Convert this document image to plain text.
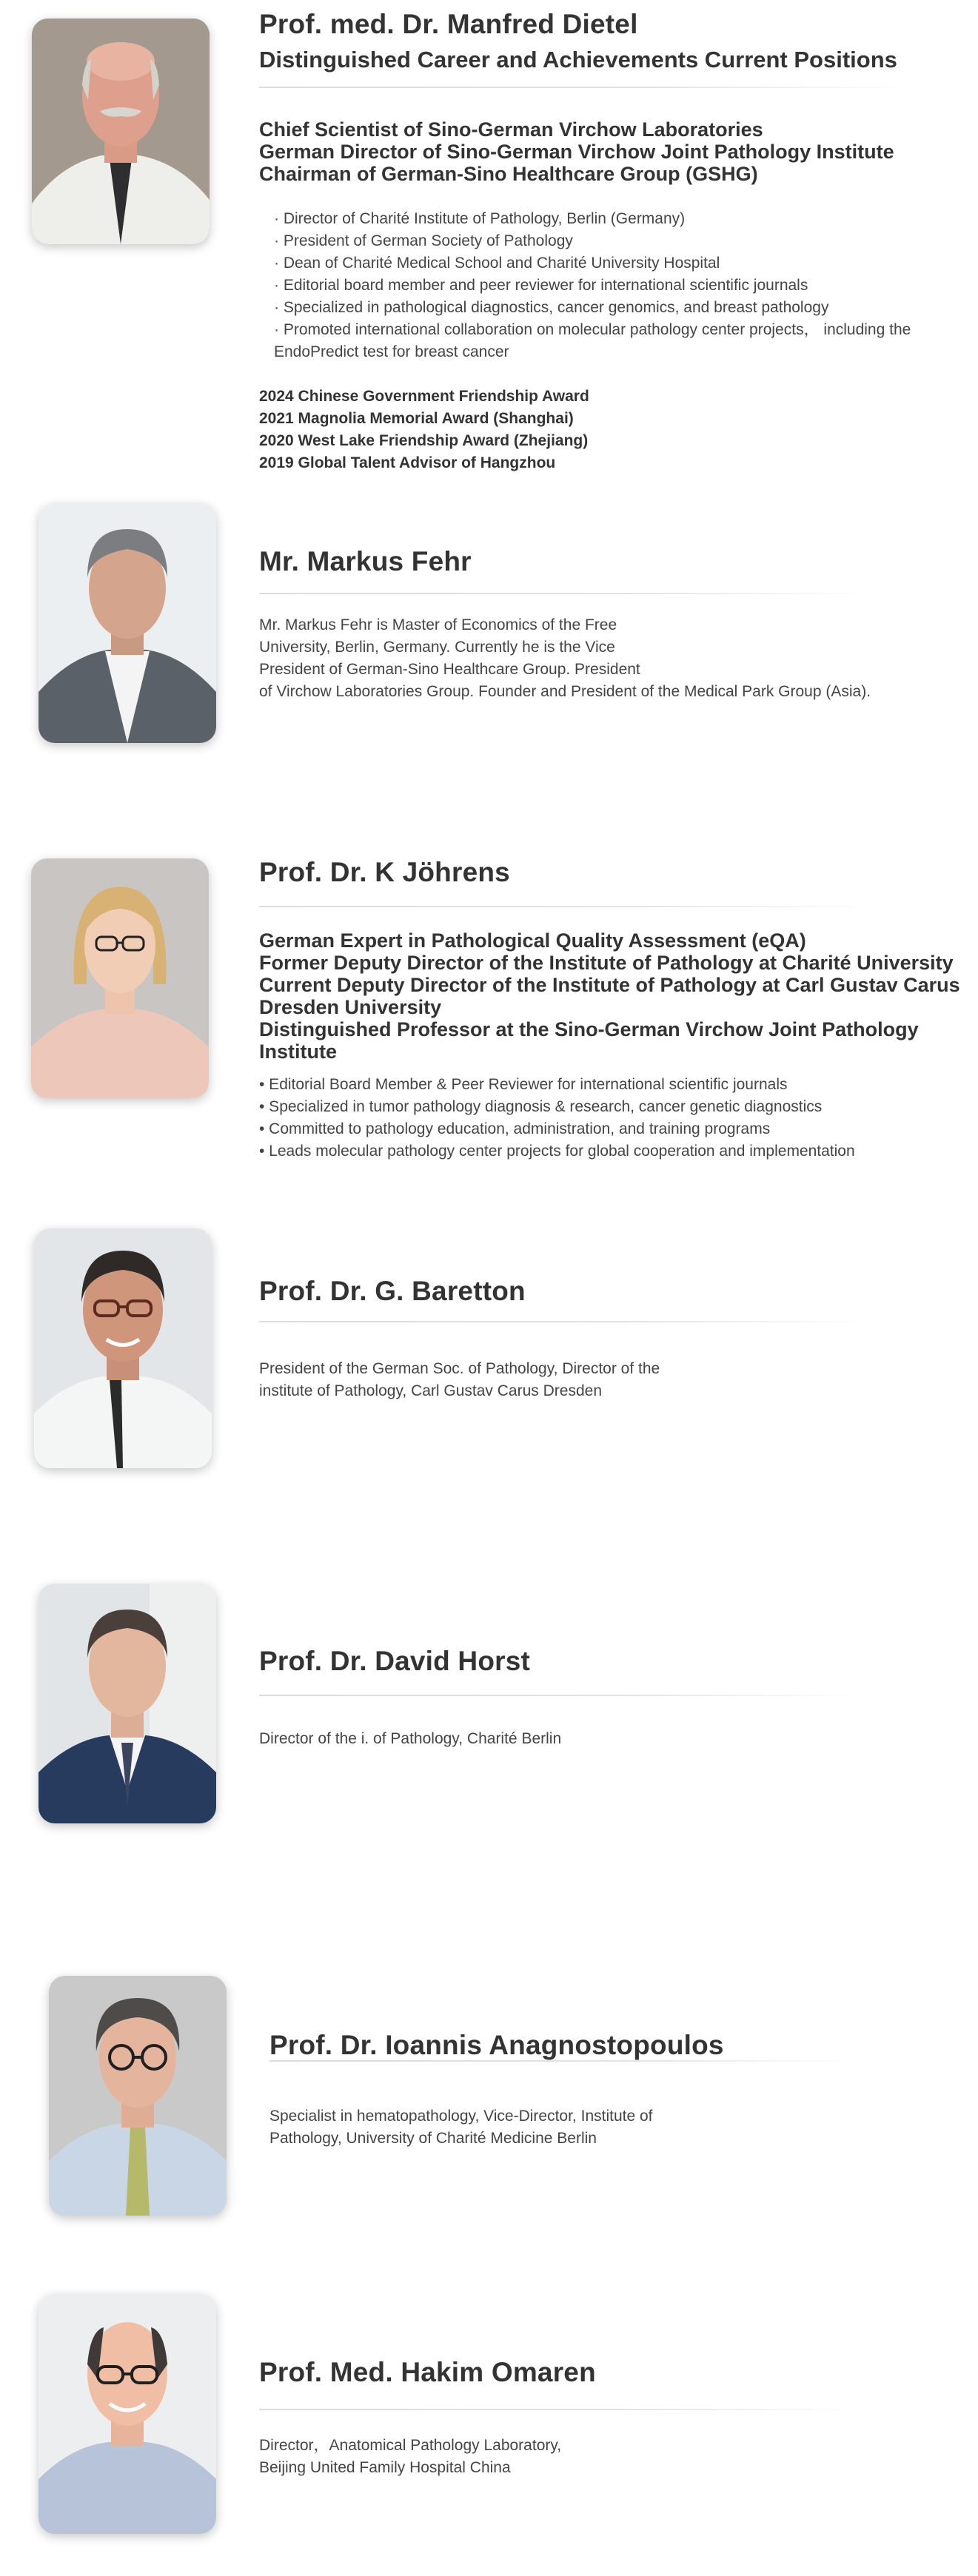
Prof. med. Dr. Manfred Dietel
Distinguished Career and Achievements Current Positions
Chief Scientist of Sino-German Virchow Laboratories
German Director of Sino-German Virchow Joint Pathology Institute
Chairman of German-Sino Healthcare Group (GSHG)
· Director of Charité Institute of Pathology, Berlin (Germany)
· President of German Society of Pathology
· Dean of Charité Medical School and Charité University Hospital
· Editorial board member and peer reviewer for international scientific journals
· Specialized in pathological diagnostics, cancer genomics, and breast pathology
· Promoted international collaboration on molecular pathology center projects， including the
EndoPredict test for breast cancer
2024 Chinese Government Friendship Award
2021 Magnolia Memorial Award (Shanghai)
2020 West Lake Friendship Award (Zhejiang)
2019 Global Talent Advisor of Hangzhou
Mr. Markus Fehr
Mr. Markus Fehr is Master of Economics of the Free
University, Berlin, Germany. Currently he is the Vice
President of German-Sino Healthcare Group. President
of Virchow Laboratories Group. Founder and President of the Medical Park Group (Asia).
Prof. Dr. K Jöhrens
German Expert in Pathological Quality Assessment (eQA)
Former Deputy Director of the Institute of Pathology at Charité University
Current Deputy Director of the Institute of Pathology at Carl Gustav Carus
Dresden University
Distinguished Professor at the Sino-German Virchow Joint Pathology
Institute
• Editorial Board Member & Peer Reviewer for international scientific journals
• Specialized in tumor pathology diagnosis & research, cancer genetic diagnostics
• Committed to pathology education, administration, and training programs
• Leads molecular pathology center projects for global cooperation and implementation
Prof. Dr. G. Baretton
President of the German Soc. of Pathology, Director of the
institute of Pathology, Carl Gustav Carus Dresden
Prof. Dr. David Horst
Director of the i. of Pathology, Charité Berlin
Prof. Dr. Ioannis Anagnostopoulos
Specialist in hematopathology, Vice-Director, Institute of
Pathology, University of Charité Medicine Berlin
Prof. Med. Hakim Omaren
Director，Anatomical Pathology Laboratory,
Beijing United Family Hospital China
